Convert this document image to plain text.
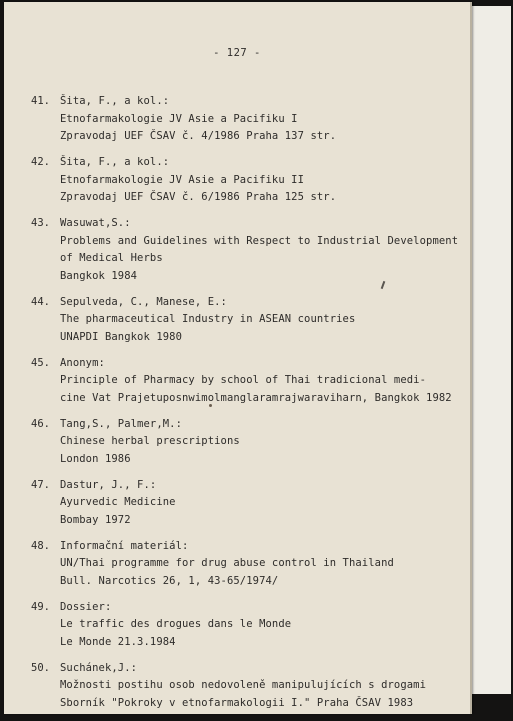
- 127 -
41. Šita, F., a kol.:
Etnofarmakologie JV Asie a Pacifiku I
Zpravodaj UEF ČSAV č. 4/1986 Praha 137 str.
42. Šita, F., a kol.:
Etnofarmakologie JV Asie a Pacifiku II
Zpravodaj UEF ČSAV č. 6/1986 Praha 125 str.
43. Wasuwat,S.:
Problems and Guidelines with Respect to Industrial Development
of Medical Herbs
Bangkok 1984
44. Sepulveda, C., Manese, E.:
The pharmaceutical Industry in ASEAN countries
UNAPDI Bangkok 1980
45. Anonym:
Principle of Pharmacy by school of Thai tradicional medi-
cine Vat Prajetuposnwimolmanglaramrajwaraviharn, Bangkok 1982
46. Tang,S., Palmer,M.:
Chinese herbal prescriptions
London 1986
47. Dastur, J., F.:
Ayurvedic Medicine
Bombay 1972
48. Informační materiál:
UN/Thai programme for drug abuse control in Thailand
Bull. Narcotics 26, 1, 43-65/1974/
49. Dossier:
Le traffic des drogues dans le Monde
Le Monde 21.3.1984
50. Suchánek,J.:
Možnosti postihu osob nedovoleně manipulujících s drogami
Sborník "Pokroky v etnofarmakologii I." Praha ČSAV 1983
